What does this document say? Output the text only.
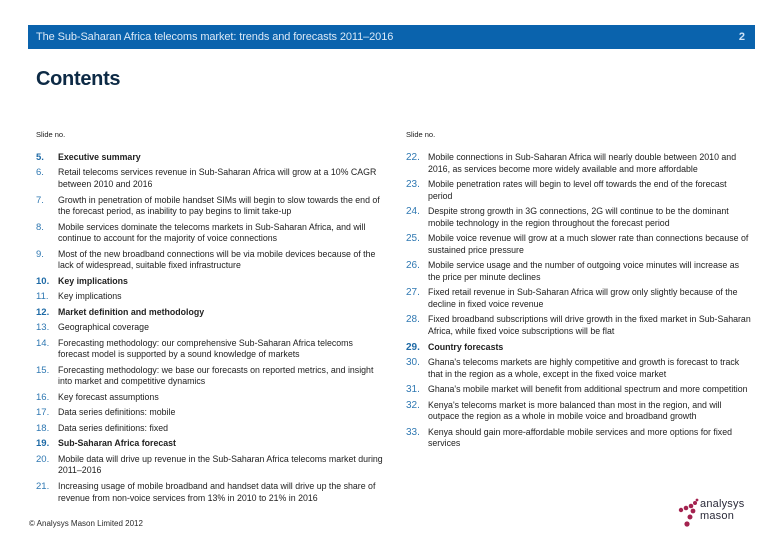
The Sub-Saharan Africa telecoms market: trends and forecasts 2011–2016	2
Contents
Slide no.
5.	Executive summary
6.	Retail telecoms services revenue in Sub-Saharan Africa will grow at a 10% CAGR between 2010 and 2016
7.	Growth in penetration of mobile handset SIMs will begin to slow towards the end of the forecast period, as inability to pay begins to limit take-up
8.	Mobile services dominate the telecoms markets in Sub-Saharan Africa, and will continue to account for the majority of voice connections
9.	Most of the new broadband connections will be via mobile devices because of the lack of widespread, suitable fixed infrastructure
10. Key implications
11.	Key implications
12. Market definition and methodology
13. Geographical coverage
14. Forecasting methodology: our comprehensive Sub-Saharan Africa telecoms forecast model is supported by a sound knowledge of markets
15. Forecasting methodology: we base our forecasts on reported metrics, and insight into market and competitive dynamics
16. Key forecast assumptions
17. Data series definitions: mobile
18. Data series definitions: fixed
19. Sub-Saharan Africa forecast
20. Mobile data will drive up revenue in the Sub-Saharan Africa telecoms market during 2011–2016
21. Increasing usage of mobile broadband and handset data will drive up the share of revenue from non-voice services from 13% in 2010 to 21% in 2016
Slide no.
22. Mobile connections in Sub-Saharan Africa will nearly double between 2010 and 2016, as services become more widely available and more affordable
23. Mobile penetration rates will begin to level off towards the end of the forecast period
24. Despite strong growth in 3G connections, 2G will continue to be the dominant mobile technology in the region throughout the forecast period
25. Mobile voice revenue will grow at a much slower rate than connections because of sustained price pressure
26. Mobile service usage and the number of outgoing voice minutes will increase as the price per minute declines
27. Fixed retail revenue in Sub-Saharan Africa will grow only slightly because of the decline in fixed voice revenue
28. Fixed broadband subscriptions will drive growth in the fixed market in Sub-Saharan Africa, while fixed voice subscriptions will be flat
29. Country forecasts
30. Ghana's telecoms markets are highly competitive and growth is forecast to track that in the region as a whole, except in the fixed voice market
31. Ghana's mobile market will benefit from additional spectrum and more competition
32. Kenya's telecoms market is more balanced than most in the region, and will outpace the region as a whole in mobile voice and broadband growth
33. Kenya should gain more-affordable mobile services and more options for fixed services
© Analysys Mason Limited 2012
analysys
mason
